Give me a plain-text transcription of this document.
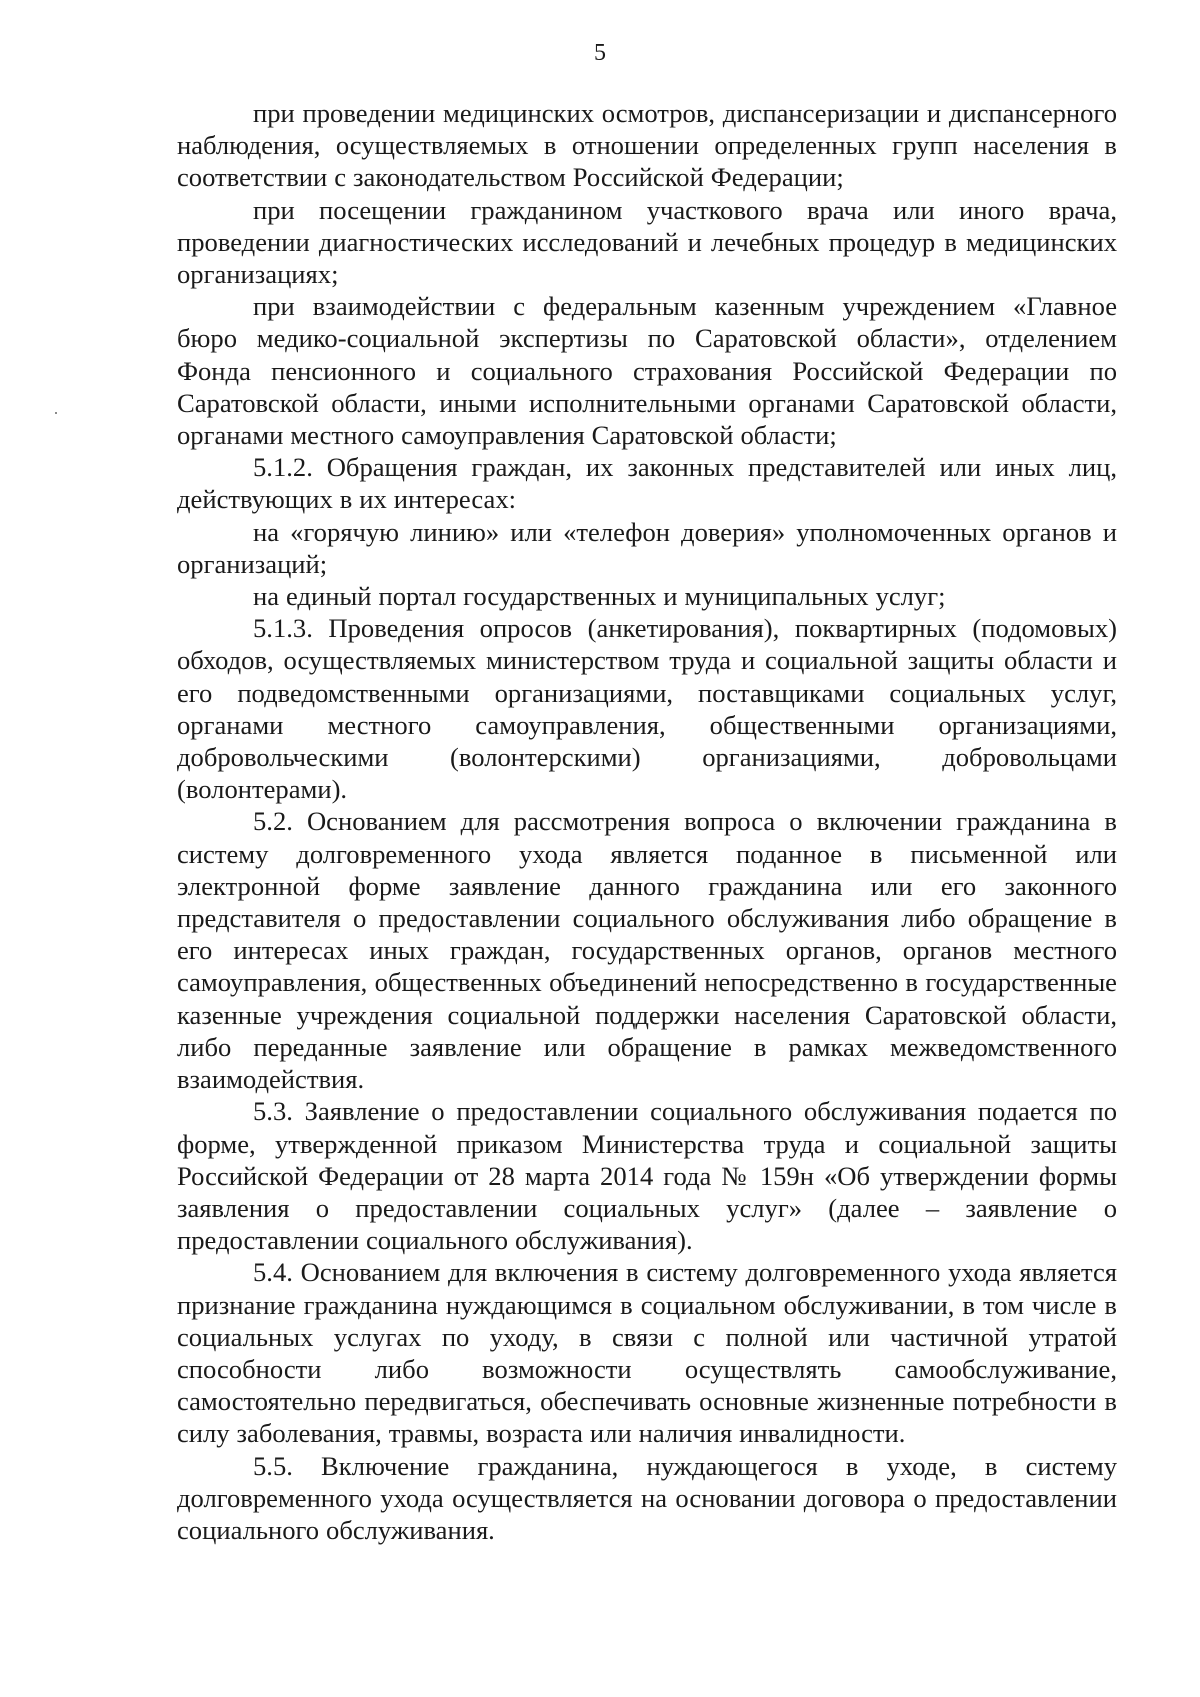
5

при проведении медицинских осмотров, диспансеризации и диспансерного наблюдения, осуществляемых в отношении определенных групп населения в соответствии с законодательством Российской Федерации;

при посещении гражданином участкового врача или иного врача, проведении диагностических исследований и лечебных процедур в медицинских организациях;

при взаимодействии с федеральным казенным учреждением «Главное бюро медико-социальной экспертизы по Саратовской области», отделением Фонда пенсионного и социального страхования Российской Федерации по Саратовской области, иными исполнительными органами Саратовской области, органами местного самоуправления Саратовской области;

5.1.2. Обращения граждан, их законных представителей или иных лиц, действующих в их интересах:

на «горячую линию» или «телефон доверия» уполномоченных органов и организаций;

на единый портал государственных и муниципальных услуг;

5.1.3. Проведения опросов (анкетирования), поквартирных (подомовых) обходов, осуществляемых министерством труда и социальной защиты области и его подведомственными организациями, поставщиками социальных услуг, органами местного самоуправления, общественными организациями, добровольческими (волонтерскими) организациями, добровольцами (волонтерами).

5.2. Основанием для рассмотрения вопроса о включении гражданина в систему долговременного ухода является поданное в письменной или электронной форме заявление данного гражданина или его законного представителя о предоставлении социального обслуживания либо обращение в его интересах иных граждан, государственных органов, органов местного самоуправления, общественных объединений непосредственно в государственные казенные учреждения социальной поддержки населения Саратовской области, либо переданные заявление или обращение в рамках межведомственного взаимодействия.

5.3. Заявление о предоставлении социального обслуживания подается по форме, утвержденной приказом Министерства труда и социальной защиты Российской Федерации от 28 марта 2014 года № 159н «Об утверждении формы заявления о предоставлении социальных услуг» (далее – заявление о предоставлении социального обслуживания).

5.4. Основанием для включения в систему долговременного ухода является признание гражданина нуждающимся в социальном обслуживании, в том числе в социальных услугах по уходу, в связи с полной или частичной утратой способности либо возможности осуществлять самообслуживание, самостоятельно передвигаться, обеспечивать основные жизненные потребности в силу заболевания, травмы, возраста или наличия инвалидности.

5.5. Включение гражданина, нуждающегося в уходе, в систему долговременного ухода осуществляется на основании договора о предоставлении социального обслуживания.
